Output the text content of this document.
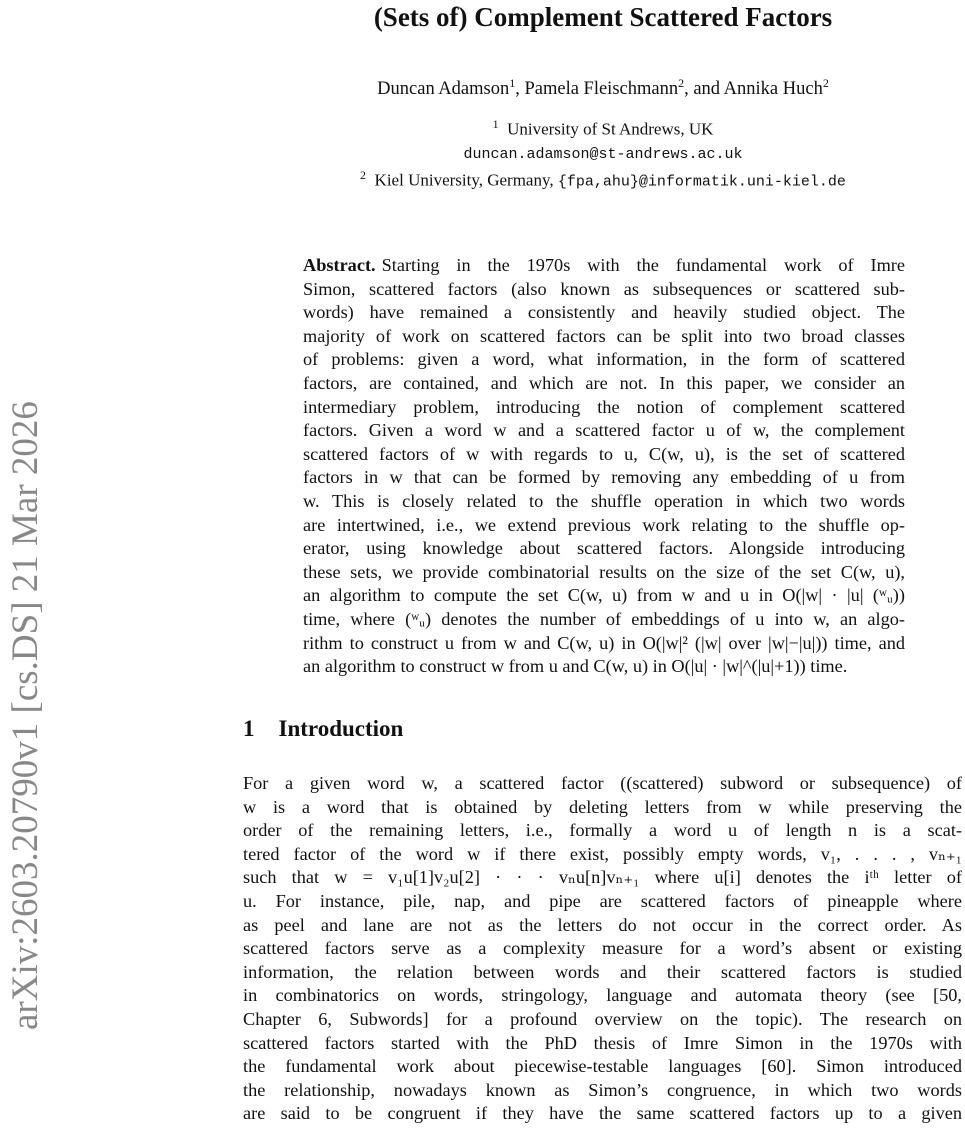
arXiv:2603.20790v1 [cs.DS] 21 Mar 2026
(Sets of) Complement Scattered Factors
Duncan Adamson$^1$, Pamela Fleischmann$^2$, and Annika Huch$^2$
$^1$ University of St Andrews, UK
duncan.adamson@st-andrews.ac.uk
$^2$ Kiel University, Germany, {fpa,ahu}@informatik.uni-kiel.de
Abstract. Starting in the 1970s with the fundamental work of Imre
Simon, scattered factors (also known as subsequences or scattered sub-
words) have remained a consistently and heavily studied object. The
majority of work on scattered factors can be split into two broad classes
of problems: given a word, what information, in the form of scattered
factors, are contained, and which are not. In this paper, we consider an
intermediary problem, introducing the notion of complement scattered
factors. Given a word w and a scattered factor u of w, the complement
scattered factors of w with regards to u, C(w, u), is the set of scattered
factors in w that can be formed by removing any embedding of u from
w. This is closely related to the shuffle operation in which two words
are intertwined, i.e., we extend previous work relating to the shuffle op-
erator, using knowledge about scattered factors. Alongside introducing
these sets, we provide combinatorial results on the size of the set C(w, u),
an algorithm to compute the set C(w, u) from w and u in O(|w| · |u| (ʷᵤ))
time, where (ʷᵤ) denotes the number of embeddings of u into w, an algo-
rithm to construct u from w and C(w, u) in O(|w|² (|w| over |w|−|u|)) time, and
an algorithm to construct w from u and C(w, u) in O(|u| · |w|^(|u|+1)) time.
1 Introduction
For a given word w, a scattered factor ((scattered) subword or subsequence) of
w is a word that is obtained by deleting letters from w while preserving the
order of the remaining letters, i.e., formally a word u of length n is a scat-
tered factor of the word w if there exist, possibly empty words, v₁, . . . , vₙ₊₁
such that w = v₁u[1]v₂u[2] · · · vₙu[n]vₙ₊₁ where u[i] denotes the iᵗʰ letter of
u. For instance, pile, nap, and pipe are scattered factors of pineapple where
as peel and lane are not as the letters do not occur in the correct order. As
scattered factors serve as a complexity measure for a word’s absent or existing
information, the relation between words and their scattered factors is studied
in combinatorics on words, stringology, language and automata theory (see [50,
Chapter 6, Subwords] for a profound overview on the topic). The research on
scattered factors started with the PhD thesis of Imre Simon in the 1970s with
the fundamental work about piecewise-testable languages [60]. Simon introduced
the relationship, nowadays known as Simon’s congruence, in which two words
are said to be congruent if they have the same scattered factors up to a given
